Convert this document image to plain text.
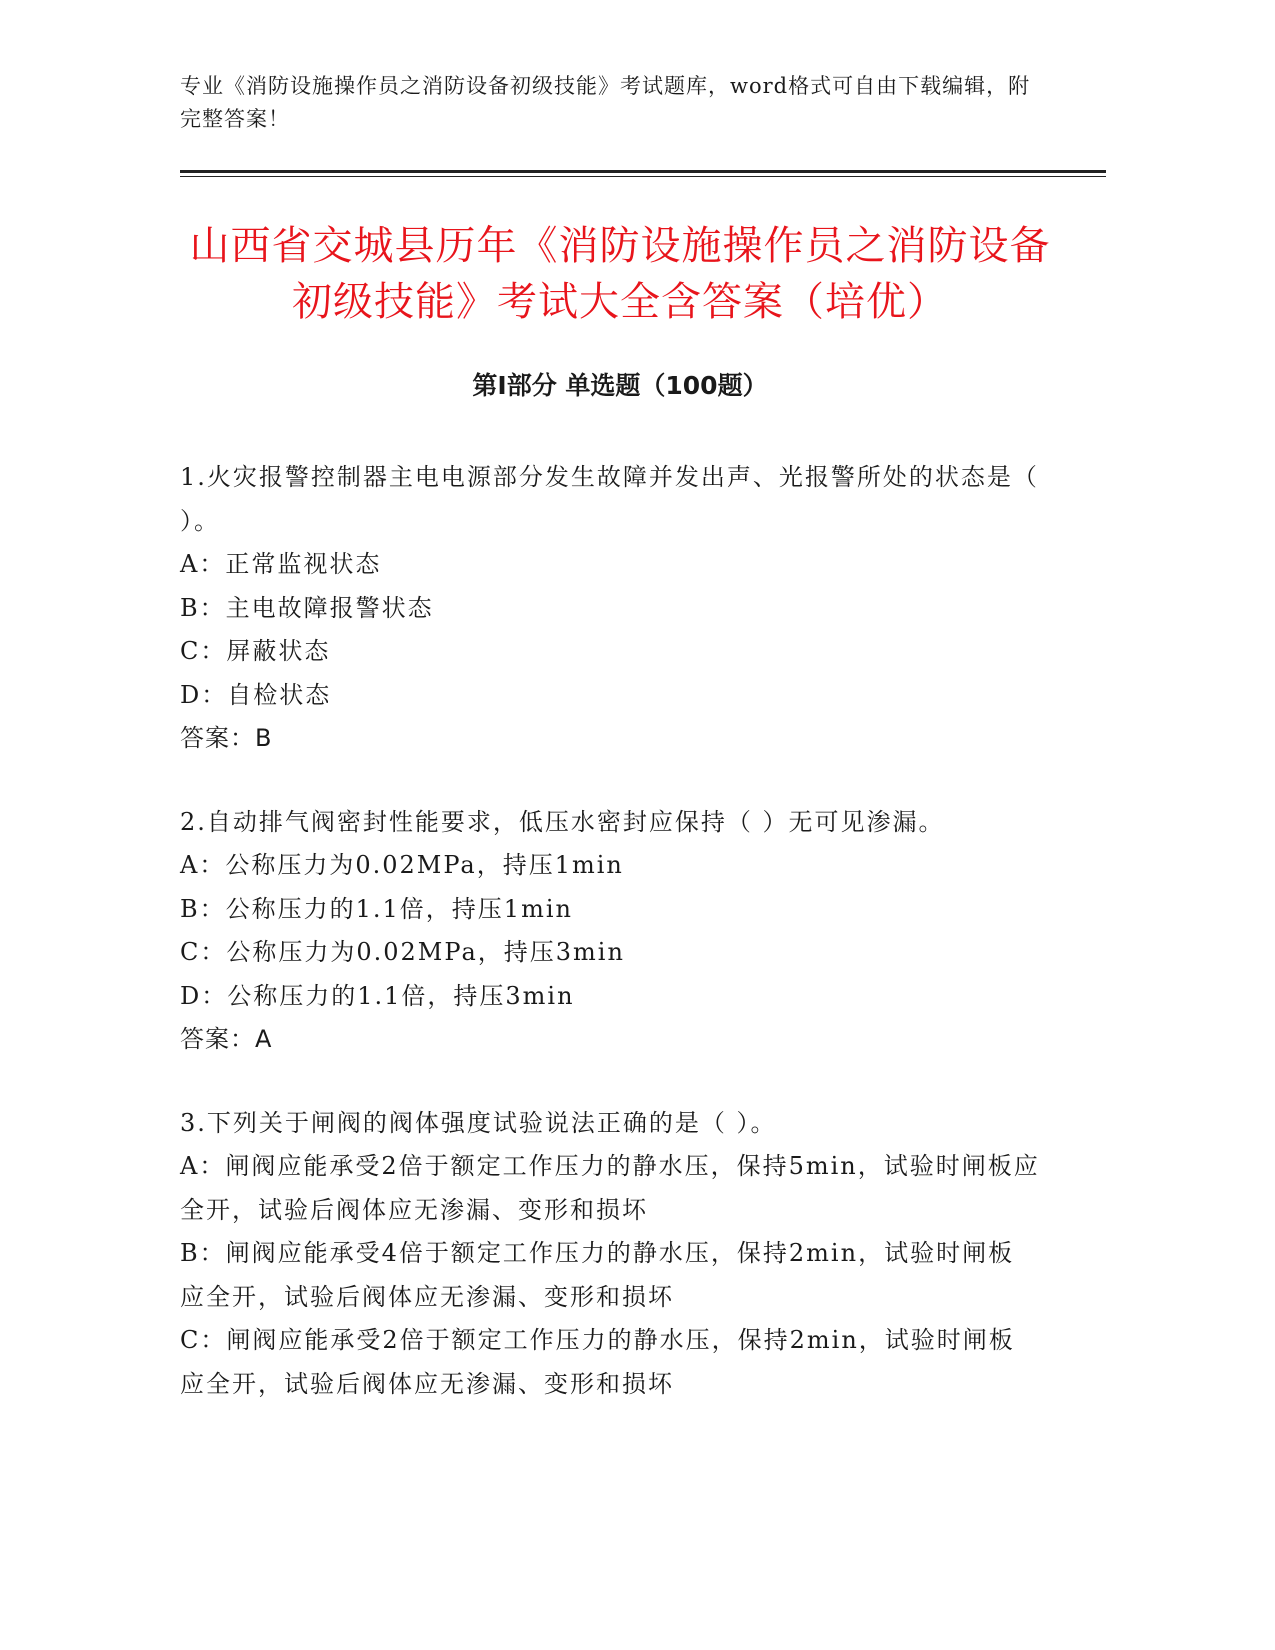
专业《消防设施操作员之消防设备初级技能》考试题库，word格式可自由下载编辑，附完整答案！
山西省交城县历年《消防设施操作员之消防设备初级技能》考试大全含答案（培优）
第Ⅰ部分 单选题（100题）
1.火灾报警控制器主电电源部分发生故障并发出声、光报警所处的状态是（ ）。
A：正常监视状态
B：主电故障报警状态
C：屏蔽状态
D：自检状态
答案：B
2.自动排气阀密封性能要求，低压水密封应保持（ ）无可见渗漏。
A：公称压力为0.02MPa，持压1min
B：公称压力的1.1倍，持压1min
C：公称压力为0.02MPa，持压3min
D：公称压力的1.1倍，持压3min
答案：A
3.下列关于闸阀的阀体强度试验说法正确的是（ ）。
A：闸阀应能承受2倍于额定工作压力的静水压，保持5min，试验时闸板应全开，试验后阀体应无渗漏、变形和损坏
B：闸阀应能承受4倍于额定工作压力的静水压，保持2min，试验时闸板应全开，试验后阀体应无渗漏、变形和损坏
C：闸阀应能承受2倍于额定工作压力的静水压，保持2min，试验时闸板应全开，试验后阀体应无渗漏、变形和损坏
